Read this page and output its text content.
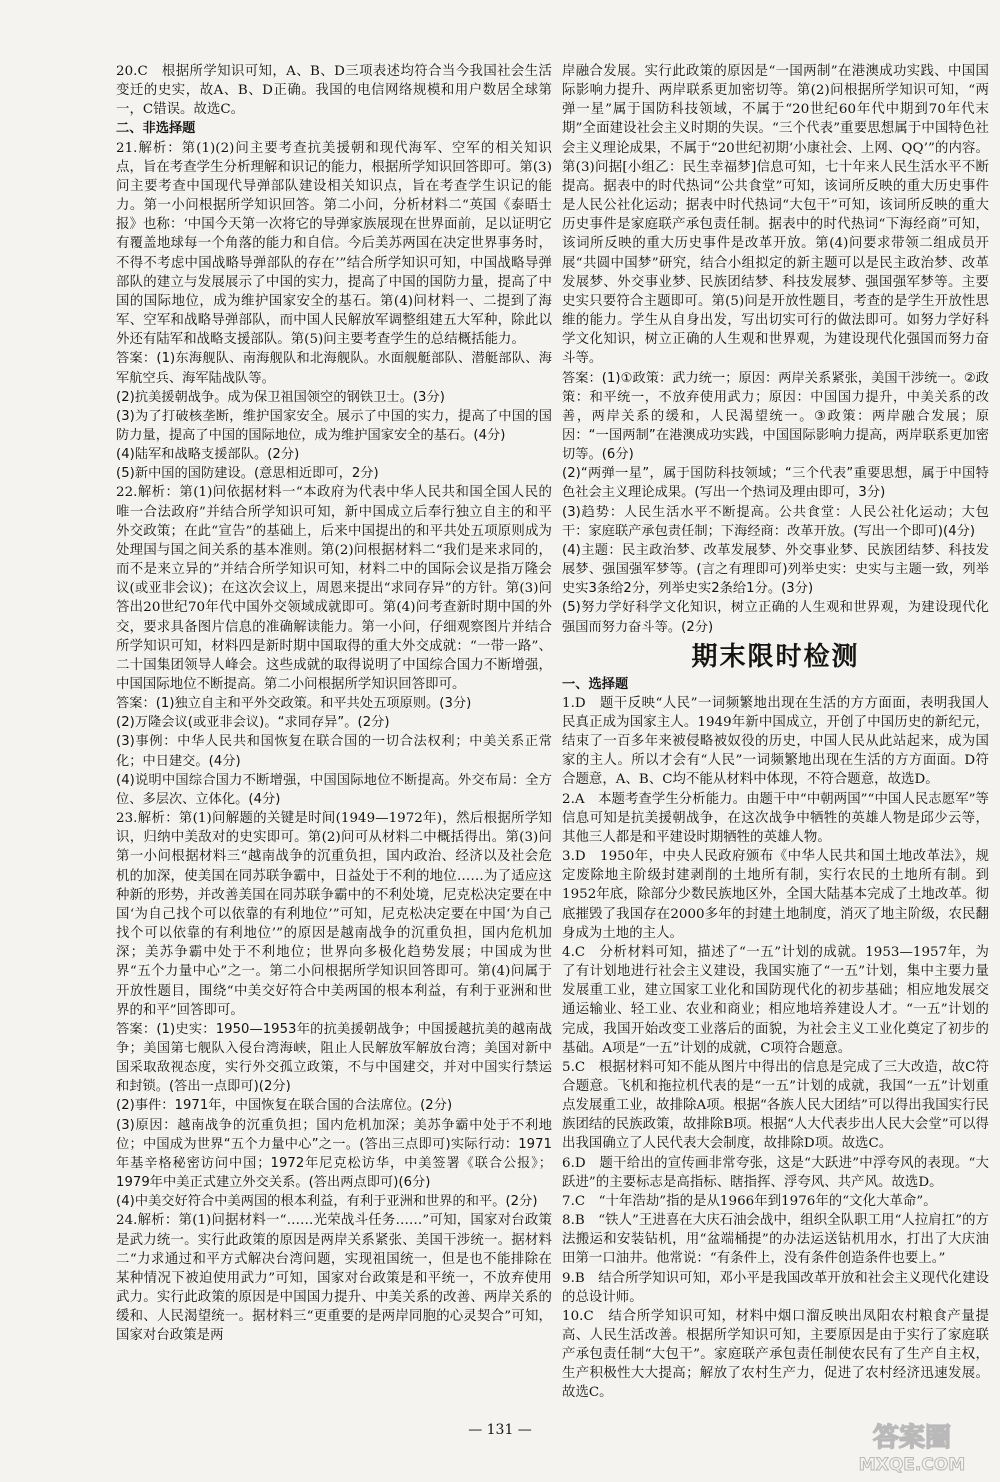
20.C　根据所学知识可知，A、B、D三项表述均符合当今我国社会生活变迁的史实，故A、B、D正确。我国的电信网络规模和用户数居全球第一，C错误。故选C。

二、非选择题

21.解析：第(1)(2)问主要考查抗美援朝和现代海军、空军的相关知识点，旨在考查学生分析理解和识记的能力，根据所学知识回答即可。第(3)问主要考查中国现代导弹部队建设相关知识点，旨在考查学生识记的能力。第一小问根据所学知识回答。第二小问，分析材料二“英国《泰晤士报》也称：‘中国今天第一次将它的导弹家族展现在世界面前，足以证明它有覆盖地球每一个角落的能力和自信。今后美苏两国在决定世界事务时，不得不考虑中国战略导弹部队的存在’”结合所学知识可知，中国战略导弹部队的建立与发展展示了中国的实力，提高了中国的国防力量，提高了中国的国际地位，成为维护国家安全的基石。第(4)问材料一、二提到了海军、空军和战略导弹部队，而中国人民解放军调整组建五大军种，除此以外还有陆军和战略支援部队。第(5)问主要考查学生的总结概括能力。

答案：(1)东海舰队、南海舰队和北海舰队。水面舰艇部队、潜艇部队、海军航空兵、海军陆战队等。

(2)抗美援朝战争。成为保卫祖国领空的钢铁卫士。(3分)

(3)为了打破核垄断，维护国家安全。展示了中国的实力，提高了中国的国防力量，提高了中国的国际地位，成为维护国家安全的基石。(4分)

(4)陆军和战略支援部队。(2分)

(5)新中国的国防建设。(意思相近即可，2分)

22.解析：第(1)问依据材料一“本政府为代表中华人民共和国全国人民的唯一合法政府”并结合所学知识可知，新中国成立后奉行独立自主的和平外交政策；在此“宣告”的基础上，后来中国提出的和平共处五项原则成为处理国与国之间关系的基本准则。第(2)问根据材料二“我们是来求同的，而不是来立异的”并结合所学知识可知，材料二中的国际会议是指万隆会议(或亚非会议)；在这次会议上，周恩来提出“求同存异”的方针。第(3)问答出20世纪70年代中国外交领域成就即可。第(4)问考查新时期中国的外交，要求具备图片信息的准确解读能力。第一小问，仔细观察图片并结合所学知识可知，材料四是新时期中国取得的重大外交成就：“一带一路”、二十国集团领导人峰会。这些成就的取得说明了中国综合国力不断增强，中国国际地位不断提高。第二小问根据所学知识回答即可。

答案：(1)独立自主和平外交政策。和平共处五项原则。(3分)

(2)万隆会议(或亚非会议)。“求同存异”。(2分)

(3)事例：中华人民共和国恢复在联合国的一切合法权利；中美关系正常化；中日建交。(4分)

(4)说明中国综合国力不断增强，中国国际地位不断提高。外交布局：全方位、多层次、立体化。(4分)

23.解析：第(1)问解题的关键是时间(1949—1972年)，然后根据所学知识，归纳中美敌对的史实即可。第(2)问可从材料二中概括得出。第(3)问第一小问根据材料三“越南战争的沉重负担，国内政治、经济以及社会危机的加深，使美国在同苏联争霸中，日益处于不利的地位……为了适应这种新的形势，并改善美国在同苏联争霸中的不利处境，尼克松决定要在中国‘为自己找个可以依靠的有利地位’”可知，尼克松决定要在中国‘为自己找个可以依靠的有利地位’”的原因是越南战争的沉重负担，国内危机加深；美苏争霸中处于不利地位；世界向多极化趋势发展；中国成为世界“五个力量中心”之一。第二小问根据所学知识回答即可。第(4)问属于开放性题目，围绕“中美交好符合中美两国的根本利益，有利于亚洲和世界的和平”回答即可。

答案：(1)史实：1950—1953年的抗美援朝战争；中国援越抗美的越南战争；美国第七舰队入侵台湾海峡，阻止人民解放军解放台湾；美国对新中国采取敌视态度，实行外交孤立政策，不与中国建交，并对中国实行禁运和封锁。(答出一点即可)(2分)

(2)事件：1971年，中国恢复在联合国的合法席位。(2分)

(3)原因：越南战争的沉重负担；国内危机加深；美苏争霸中处于不利地位；中国成为世界“五个力量中心”之一。(答出三点即可)实际行动：1971年基辛格秘密访问中国；1972年尼克松访华，中美签署《联合公报》；1979年中美正式建立外交关系。(答出两点即可)(6分)

(4)中美交好符合中美两国的根本利益，有利于亚洲和世界的和平。(2分)

24.解析：第(1)问据材料一“……光荣战斗任务……”可知，国家对台政策是武力统一。实行此政策的原因是两岸关系紧张、美国干涉统一。据材料二“力求通过和平方式解决台湾问题，实现祖国统一，但是也不能排除在某种情况下被迫使用武力”可知，国家对台政策是和平统一，不放弃使用武力。实行此政策的原因是中国国力提升、中美关系的改善、两岸关系的缓和、人民渴望统一。据材料三“更重要的是两岸同胞的心灵契合”可知，国家对台政策是两

岸融合发展。实行此政策的原因是“一国两制”在港澳成功实践、中国国际影响力提升、两岸联系更加密切等。第(2)问根据所学知识可知，“两弹一星”属于国防科技领域，不属于“20世纪60年代中期到70年代末期”全面建设社会主义时期的失误。“三个代表”重要思想属于中国特色社会主义理论成果，不属于“20世纪初期‘小康社会、上网、QQ’”的内容。第(3)问据[小组乙：民生幸福梦]信息可知，七十年来人民生活水平不断提高。据表中的时代热词“公共食堂”可知，该词所反映的重大历史事件是人民公社化运动；据表中时代热词“大包干”可知，该词所反映的重大历史事件是家庭联产承包责任制。据表中的时代热词“下海经商”可知，该词所反映的重大历史事件是改革开放。第(4)问要求带领二组成员开展“共圆中国梦”研究，结合小组拟定的新主题可以是民主政治梦、改革发展梦、外交事业梦、民族团结梦、科技发展梦、强国强军梦等。主要史实只要符合主题即可。第(5)问是开放性题目，考查的是学生开放性思维的能力。学生从自身出发，写出切实可行的做法即可。如努力学好科学文化知识，树立正确的人生观和世界观，为建设现代化强国而努力奋斗等。

答案：(1)①政策：武力统一；原因：两岸关系紧张，美国干涉统一。②政策：和平统一，不放弃使用武力；原因：中国国力提升，中美关系的改善，两岸关系的缓和，人民渴望统一。③政策：两岸融合发展；原因：“一国两制”在港澳成功实践，中国国际影响力提高，两岸联系更加密切等。(6分)

(2)“两弹一星”，属于国防科技领域；“三个代表”重要思想，属于中国特色社会主义理论成果。(写出一个热词及理由即可，3分)

(3)趋势：人民生活水平不断提高。公共食堂：人民公社化运动；大包干：家庭联产承包责任制；下海经商：改革开放。(写出一个即可)(4分)

(4)主题：民主政治梦、改革发展梦、外交事业梦、民族团结梦、科技发展梦、强国强军梦等。(言之有理即可)列举史实：史实与主题一致，列举史实3条给2分，列举史实2条给1分。(3分)

(5)努力学好科学文化知识，树立正确的人生观和世界观，为建设现代化强国而努力奋斗等。(2分)

期末限时检测

一、选择题

1.D　题干反映“人民”一词频繁地出现在生活的方方面面，表明我国人民真正成为国家主人。1949年新中国成立，开创了中国历史的新纪元，结束了一百多年来被侵略被奴役的历史，中国人民从此站起来，成为国家的主人。所以才会有“人民”一词频繁地出现在生活的方方面面。D符合题意，A、B、C均不能从材料中体现，不符合题意，故选D。

2.A　本题考查学生分析能力。由题干中“中朝两国”“中国人民志愿军”等信息可知是抗美援朝战争，在这次战争中牺牲的英雄人物是邱少云等，其他三人都是和平建设时期牺牲的英雄人物。

3.D　1950年，中央人民政府颁布《中华人民共和国土地改革法》，规定废除地主阶级封建剥削的土地所有制，实行农民的土地所有制。到1952年底，除部分少数民族地区外，全国大陆基本完成了土地改革。彻底摧毁了我国存在2000多年的封建土地制度，消灭了地主阶级，农民翻身成为土地的主人。

4.C　分析材料可知，描述了“一五”计划的成就。1953—1957年，为了有计划地进行社会主义建设，我国实施了“一五”计划，集中主要力量发展重工业，建立国家工业化和国防现代化的初步基础；相应地发展交通运输业、轻工业、农业和商业；相应地培养建设人才。“一五”计划的完成，我国开始改变工业落后的面貌，为社会主义工业化奠定了初步的基础。A项是“一五”计划的成就，C项符合题意。

5.C　根据材料可知不能从图片中得出的信息是完成了三大改造，故C符合题意。飞机和拖拉机代表的是“一五”计划的成就，我国“一五”计划重点发展重工业，故排除A项。根据“各族人民大团结”可以得出我国实行民族团结的民族政策，故排除B项。根据“人大代表步出人民大会堂”可以得出我国确立了人民代表大会制度，故排除D项。故选C。

6.D　题干给出的宣传画非常夸张，这是“大跃进”中浮夸风的表现。“大跃进”的主要标志是高指标、瞎指挥、浮夸风、共产风。故选D。

7.C　“十年浩劫”指的是从1966年到1976年的“文化大革命”。

8.B　“铁人”王进喜在大庆石油会战中，组织全队职工用“人拉肩扛”的方法搬运和安装钻机，用“盆端桶提”的办法运送钻机用水，打出了大庆油田第一口油井。他常说：“有条件上，没有条件创造条件也要上。”

9.B　结合所学知识可知，邓小平是我国改革开放和社会主义现代化建设的总设计师。

10.C　结合所学知识可知，材料中烟口溜反映出凤阳农村粮食产量提高、人民生活改善。根据所学知识可知，主要原因是由于实行了家庭联产承包责任制“大包干”。家庭联产承包责任制使农民有了生产自主权，生产积极性大大提高；解放了农村生产力，促进了农村经济迅速发展。故选C。

— 131 —	答案圈
MXQE.COM
